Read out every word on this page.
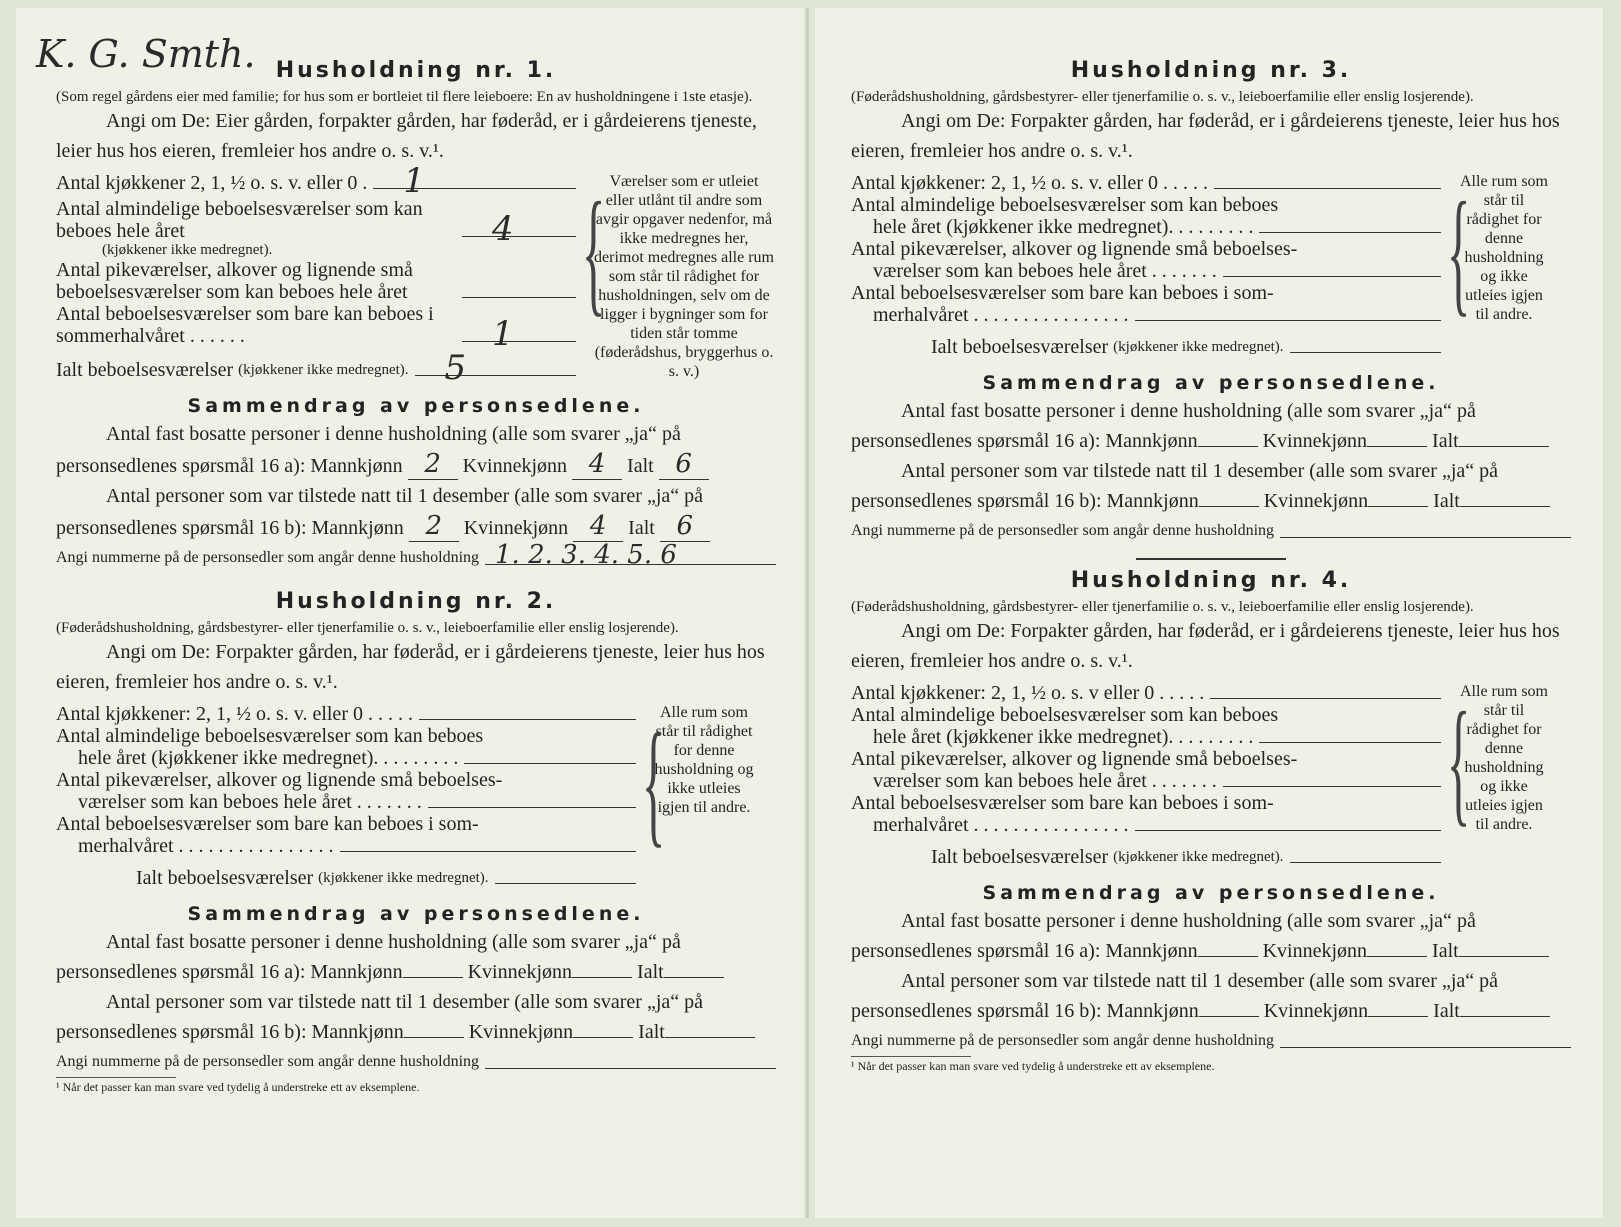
K. G. Smth. Husholdning nr. 1.

(Som regel gårdens eier med familie; for hus som er bortleiet til flere leieboere: En av husholdningene i 1ste etasje).

Angi om De: Eier gården, forpakter gården, har føderåd, er i gårdeierens tjeneste, leier hus hos eieren, fremleier hos andre o. s. v.¹.

Antal kjøkkener 2, 1, ½ o. s. v. eller 0 . 1
Antal almindelige beboelsesværelser som kan beboes hele året	4
(kjøkkener ikke medregnet).
Antal pikeværelser, alkover og lignende små beboelsesværelser som kan beboes hele året
Antal beboelsesværelser som bare kan beboes i sommerhalvåret . . . . . .	1
Ialt beboelsesværelser
(kjøkkener ikke medregnet). 5
{ Værelser som er utleiet eller utlånt til andre som avgir opgaver nedenfor, må ikke medregnes her, derimot medregnes alle rum som står til rådighet for husholdningen, selv om de ligger i bygninger som for tiden står tomme (føderådshus, bryggerhus o. s. v.)
Sammendrag av personsedlene.

Antal fast bosatte personer i denne husholdning (alle som svarer „ja“ på

personsedlenes spørsmål 16 a): Mannkjønn 2 Kvinnekjønn 4 Ialt 6

Antal personer som var tilstede natt til 1 desember (alle som svarer „ja“ på

personsedlenes spørsmål 16 b): Mannkjønn 2 Kvinnekjønn 4 Ialt 6

Angi nummerne på de personsedler som angår denne husholdning 1. 2. 3. 4. 5. 6
Husholdning nr. 2.

(Føderådshusholdning, gårdsbestyrer- eller tjenerfamilie o. s. v., leieboerfamilie eller enslig losjerende).

Angi om De: Forpakter gården, har føderåd, er i gårdeierens tjeneste, leier hus hos eieren, fremleier hos andre o. s. v.¹.

Antal kjøkkener: 2, 1, ½ o. s. v. eller 0 . . . . .
Antal almindelige beboelsesværelser som kan beboes
hele året (kjøkkener ikke medregnet). . . . . . . . .
Antal pikeværelser, alkover og lignende små beboelses-
værelser som kan beboes hele året . . . . . . .
Antal beboelsesværelser som bare kan beboes i som-
merhalvåret . . . . . . . . . . . . . . . .
Ialt beboelsesværelser
(kjøkkener ikke medregnet).
{
Alle rum som står til rådighet for denne husholdning og ikke utleies igjen til andre.
Sammendrag av personsedlene.

Antal fast bosatte personer i denne husholdning (alle som svarer „ja“ på

personsedlenes spørsmål 16 a): Mannkjønn	Kvinnekjønn	Ialt

Antal personer som var tilstede natt til 1 desember (alle som svarer „ja“ på

personsedlenes spørsmål 16 b): Mannkjønn	Kvinnekjønn	Ialt

Angi nummerne på de personsedler som angår denne husholdning
¹ Når det passer kan man svare ved tydelig å understreke ett av eksemplene.
Husholdning nr. 3.

(Føderådshusholdning, gårdsbestyrer- eller tjenerfamilie o. s. v., leieboerfamilie eller enslig losjerende).

Angi om De: Forpakter gården, har føderåd, er i gårdeierens tjeneste, leier hus hos eieren, fremleier hos andre o. s. v.¹.

Antal kjøkkener: 2, 1, ½ o. s. v. eller 0 . . . . .
Antal almindelige beboelsesværelser som kan beboes
hele året (kjøkkener ikke medregnet). . . . . . . . .
Antal pikeværelser, alkover og lignende små beboelses-
værelser som kan beboes hele året . . . . . . .
Antal beboelsesværelser som bare kan beboes i som-
merhalvåret . . . . . . . . . . . . . . . .
Ialt beboelsesværelser
(kjøkkener ikke medregnet).
{
Alle rum som står til rådighet for denne husholdning og ikke utleies igjen til andre.
Sammendrag av personsedlene.

Antal fast bosatte personer i denne husholdning (alle som svarer „ja“ på

personsedlenes spørsmål 16 a): Mannkjønn	Kvinnekjønn	Ialt

Antal personer som var tilstede natt til 1 desember (alle som svarer „ja“ på

personsedlenes spørsmål 16 b): Mannkjønn	Kvinnekjønn	Ialt

Angi nummerne på de personsedler som angår denne husholdning
Husholdning nr. 4.

(Føderådshusholdning, gårdsbestyrer- eller tjenerfamilie o. s. v., leieboerfamilie eller enslig losjerende).

Angi om De: Forpakter gården, har føderåd, er i gårdeierens tjeneste, leier hus hos eieren, fremleier hos andre o. s. v.¹.

Antal kjøkkener: 2, 1, ½ o. s. v eller 0 . . . . .
Antal almindelige beboelsesværelser som kan beboes
hele året (kjøkkener ikke medregnet). . . . . . . . .
Antal pikeværelser, alkover og lignende små beboelses-
værelser som kan beboes hele året . . . . . . .
Antal beboelsesværelser som bare kan beboes i som-
merhalvåret . . . . . . . . . . . . . . . .
Ialt beboelsesværelser
(kjøkkener ikke medregnet).
{
Alle rum som står til rådighet for denne husholdning og ikke utleies igjen til andre.
Sammendrag av personsedlene.

Antal fast bosatte personer i denne husholdning (alle som svarer „ja“ på

personsedlenes spørsmål 16 a): Mannkjønn	Kvinnekjønn	Ialt

Antal personer som var tilstede natt til 1 desember (alle som svarer „ja“ på

personsedlenes spørsmål 16 b): Mannkjønn	Kvinnekjønn	Ialt

Angi nummerne på de personsedler som angår denne husholdning
¹ Når det passer kan man svare ved tydelig å understreke ett av eksemplene.
